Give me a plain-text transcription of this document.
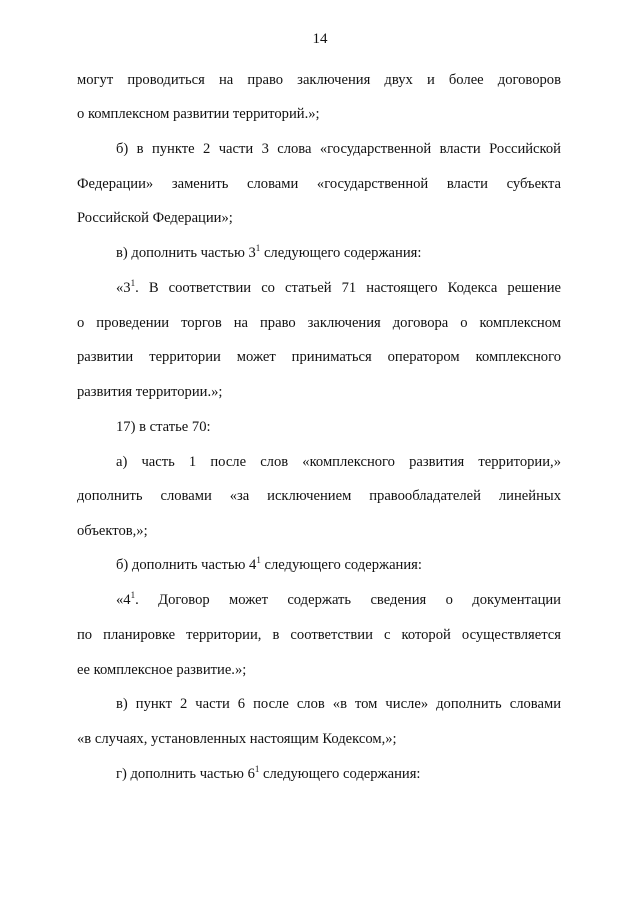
14
могут проводиться на право заключения двух и более договоров
о комплексном развитии территорий.»;
б) в пункте 2 части 3 слова «государственной власти Российской
Федерации» заменить словами «государственной власти субъекта
Российской Федерации»;
в) дополнить частью $3^1$ следующего содержания:
«$3^1$. В соответствии со статьей 71 настоящего Кодекса решение
о проведении торгов на право заключения договора о комплексном
развитии территории может приниматься оператором комплексного
развития территории.»;
17) в статье 70:
а) часть 1 после слов «комплексного развития территории,»
дополнить словами «за исключением правообладателей линейных
объектов,»;
б) дополнить частью $4^1$ следующего содержания:
«$4^1$. Договор может содержать сведения о документации
по планировке территории, в соответствии с которой осуществляется
ее комплексное развитие.»;
в) пункт 2 части 6 после слов «в том числе» дополнить словами
«в случаях, установленных настоящим Кодексом,»;
г) дополнить частью $6^1$ следующего содержания:
